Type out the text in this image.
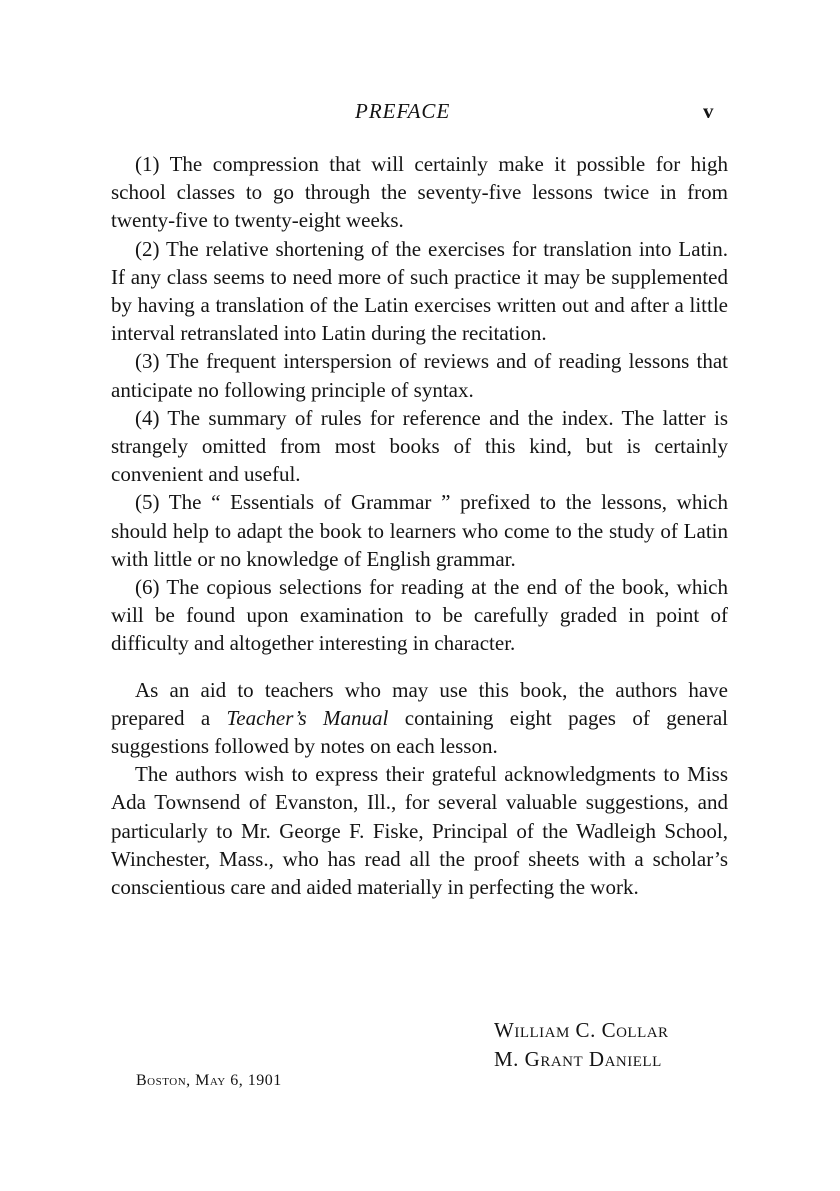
PREFACE	v

(1) The compression that will certainly make it possible for high school classes to go through the seventy-five lessons twice in from twenty-five to twenty-eight weeks.

(2) The relative shortening of the exercises for translation into Latin. If any class seems to need more of such practice it may be supplemented by having a translation of the Latin exercises written out and after a little interval retranslated into Latin during the recitation.

(3) The frequent interspersion of reviews and of reading lessons that anticipate no following principle of syntax.

(4) The summary of rules for reference and the index. The latter is strangely omitted from most books of this kind, but is certainly convenient and useful.

(5) The “ Essentials of Grammar ” prefixed to the lessons, which should help to adapt the book to learners who come to the study of Latin with little or no knowledge of English grammar.

(6) The copious selections for reading at the end of the book, which will be found upon examination to be carefully graded in point of difficulty and altogether interesting in character.

As an aid to teachers who may use this book, the authors have prepared a Teacher’s Manual containing eight pages of general suggestions followed by notes on each lesson.

The authors wish to express their grateful acknowledgments to Miss Ada Townsend of Evanston, Ill., for several valuable suggestions, and particularly to Mr. George F. Fiske, Principal of the Wadleigh School, Winchester, Mass., who has read all the proof sheets with a scholar’s conscientious care and aided materially in perfecting the work.

William C. Collar
M. Grant Daniell
Boston, May 6, 1901
